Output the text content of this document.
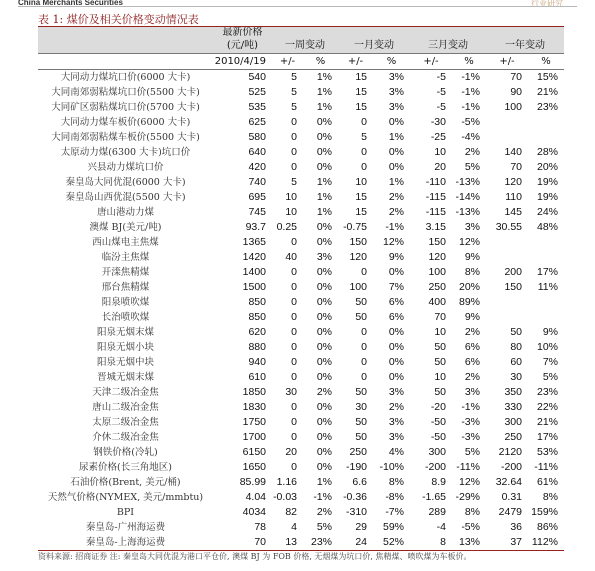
China Merchants Securities	行业研究
表 1: 煤价及相关价格变动情况表
	最新价格								
	(元/吨)	一周变动		一月变动		三月变动		一年变动	
	2010/4/19	+/-	%	+/-	%	+/-	%	+/-	%
大同动力煤坑口价(6000 大卡)	540	5	1%	15	3%	-5	-1%	70	15%
大同南郊弱粘煤坑口价(5500 大卡)	525	5	1%	15	3%	-5	-1%	90	21%
大同矿区弱粘煤坑口价(5700 大卡)	535	5	1%	15	3%	-5	-1%	100	23%
大同动力煤车板价(6000 大卡)	625	0	0%	0	0%	-30	-5%		
大同南郊弱粘煤车板价(5500 大卡)	580	0	0%	5	1%	-25	-4%		
太原动力煤(6300 大卡)坑口价	640	0	0%	0	0%	10	2%	140	28%
兴县动力煤坑口价	420	0	0%	0	0%	20	5%	70	20%
秦皇岛大同优混(6000 大卡)	740	5	1%	10	1%	-110	-13%	120	19%
秦皇岛山西优混(5500 大卡)	695	10	1%	15	2%	-115	-14%	110	19%
唐山港动力煤	745	10	1%	15	2%	-115	-13%	145	24%
澳煤 BJ(美元/吨)	93.7	0.25	0%	-0.75	-1%	3.15	3%	30.55	48%
西山煤电主焦煤	1365	0	0%	150	12%	150	12%		
临汾主焦煤	1420	40	3%	120	9%	120	9%		
开滦焦精煤	1400	0	0%	0	0%	100	8%	200	17%
邢台焦精煤	1500	0	0%	100	7%	250	20%	150	11%
阳泉喷吹煤	850	0	0%	50	6%	400	89%		
长治喷吹煤	850	0	0%	50	6%	70	9%		
阳泉无烟末煤	620	0	0%	0	0%	10	2%	50	9%
阳泉无烟小块	880	0	0%	0	0%	50	6%	80	10%
阳泉无烟中块	940	0	0%	0	0%	50	6%	60	7%
晋城无烟末煤	610	0	0%	0	0%	10	2%	30	5%
天津二级冶金焦	1850	30	2%	50	3%	50	3%	350	23%
唐山二级冶金焦	1830	0	0%	30	2%	-20	-1%	330	22%
太原二级冶金焦	1750	0	0%	50	3%	-50	-3%	300	21%
介休二级冶金焦	1700	0	0%	50	3%	-50	-3%	250	17%
钢铁价格(冷轧)	6150	20	0%	250	4%	300	5%	2120	53%
尿素价格(长三角地区)	1650	0	0%	-190	-10%	-200	-11%	-200	-11%
石油价格(Brent, 美元/桶)	85.99	1.16	1%	6.6	8%	8.9	12%	32.64	61%
天然气价格(NYMEX, 美元/mmbtu)	4.04	-0.03	-1%	-0.36	-8%	-1.65	-29%	0.31	8%
BPI	4034	82	2%	-310	-7%	289	8%	2479	159%
秦皇岛-广州海运费	78	4	5%	29	59%	-4	-5%	36	86%
秦皇岛-上海海运费	70	13	23%	24	52%	8	13%	37	112%
资料来源: 招商证券 注: 秦皇岛大同优混为港口平仓价, 澳煤 BJ 为 FOB 价格, 无烟煤为坑口价, 焦精煤、喷吹煤为车板价。
